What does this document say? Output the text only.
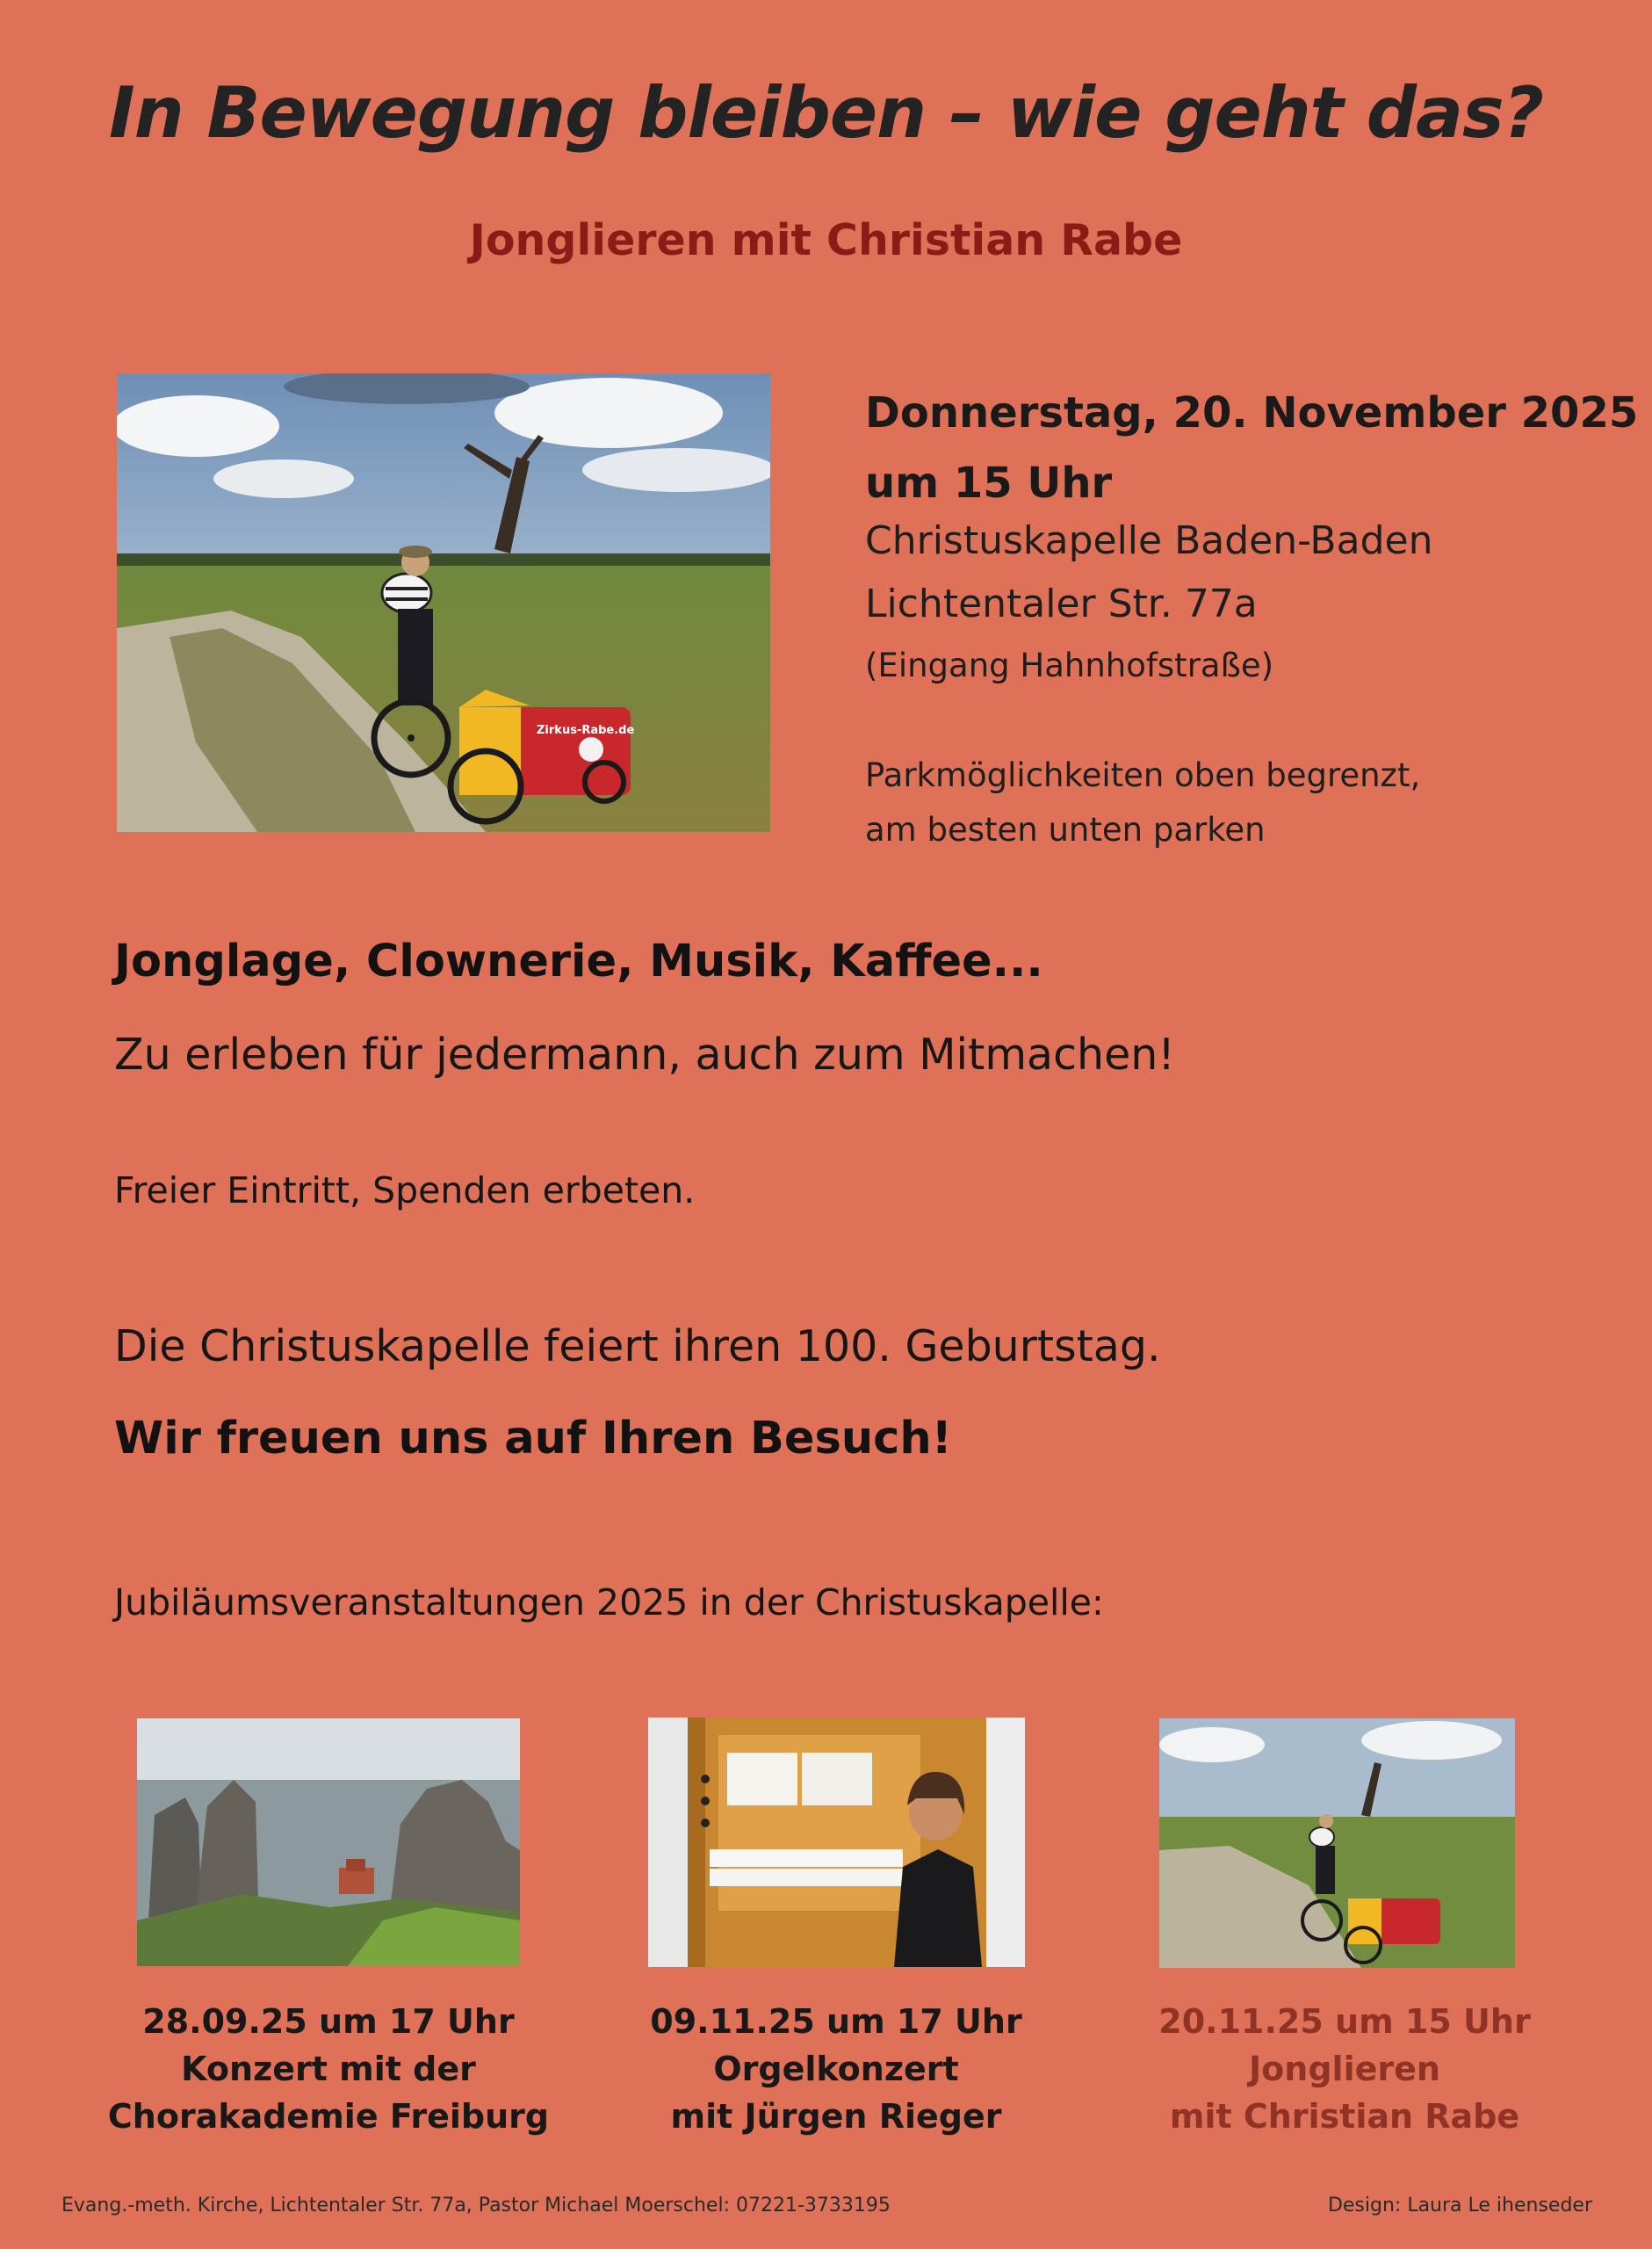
In Bewegung bleiben – wie geht das?
Jonglieren mit Christian Rabe
Zirkus-Rabe.de
Donnerstag, 20. November 2025
um 15 Uhr
Christuskapelle Baden-Baden
Lichtentaler Str. 77a
(Eingang Hahnhofstraße)
Parkmöglichkeiten oben begrenzt,
am besten unten parken
Jonglage, Clownerie, Musik, Kaffee...
Zu erleben für jedermann, auch zum Mitmachen!
Freier Eintritt, Spenden erbeten.
Die Christuskapelle feiert ihren 100. Geburtstag.
Wir freuen uns auf Ihren Besuch!
Jubiläumsveranstaltungen 2025 in der Christuskapelle:
28.09.25 um 17 Uhr
Konzert mit der
Chorakademie Freiburg
09.11.25 um 17 Uhr
Orgelkonzert
mit Jürgen Rieger
20.11.25 um 15 Uhr
Jonglieren
mit Christian Rabe
Evang.-meth. Kirche, Lichtentaler Str. 77a, Pastor Michael Moerschel: 07221-3733195	Design: Laura Le ihenseder
